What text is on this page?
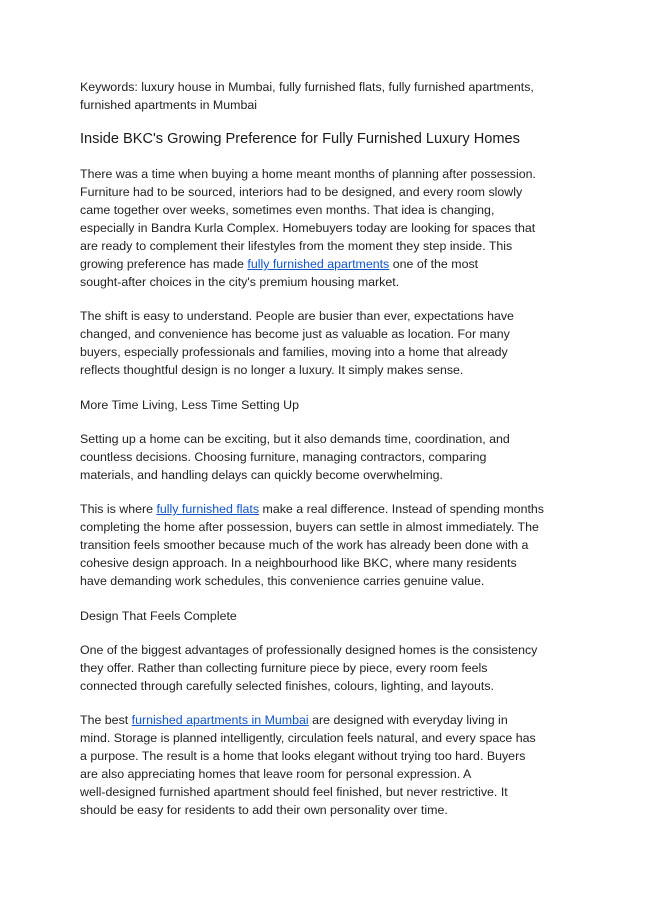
Keywords: luxury house in Mumbai, fully furnished flats, fully furnished apartments,
furnished apartments in Mumbai

Inside BKC's Growing Preference for Fully Furnished Luxury Homes

There was a time when buying a home meant months of planning after possession.
Furniture had to be sourced, interiors had to be designed, and every room slowly
came together over weeks, sometimes even months. That idea is changing,
especially in Bandra Kurla Complex. Homebuyers today are looking for spaces that
are ready to complement their lifestyles from the moment they step inside. This
growing preference has made fully furnished apartments one of the most
sought-after choices in the city's premium housing market.

The shift is easy to understand. People are busier than ever, expectations have
changed, and convenience has become just as valuable as location. For many
buyers, especially professionals and families, moving into a home that already
reflects thoughtful design is no longer a luxury. It simply makes sense.

More Time Living, Less Time Setting Up

Setting up a home can be exciting, but it also demands time, coordination, and
countless decisions. Choosing furniture, managing contractors, comparing
materials, and handling delays can quickly become overwhelming.

This is where fully furnished flats make a real difference. Instead of spending months
completing the home after possession, buyers can settle in almost immediately. The
transition feels smoother because much of the work has already been done with a
cohesive design approach. In a neighbourhood like BKC, where many residents
have demanding work schedules, this convenience carries genuine value.

Design That Feels Complete

One of the biggest advantages of professionally designed homes is the consistency
they offer. Rather than collecting furniture piece by piece, every room feels
connected through carefully selected finishes, colours, lighting, and layouts.

The best furnished apartments in Mumbai are designed with everyday living in
mind. Storage is planned intelligently, circulation feels natural, and every space has
a purpose. The result is a home that looks elegant without trying too hard. Buyers
are also appreciating homes that leave room for personal expression. A
well-designed furnished apartment should feel finished, but never restrictive. It
should be easy for residents to add their own personality over time.
